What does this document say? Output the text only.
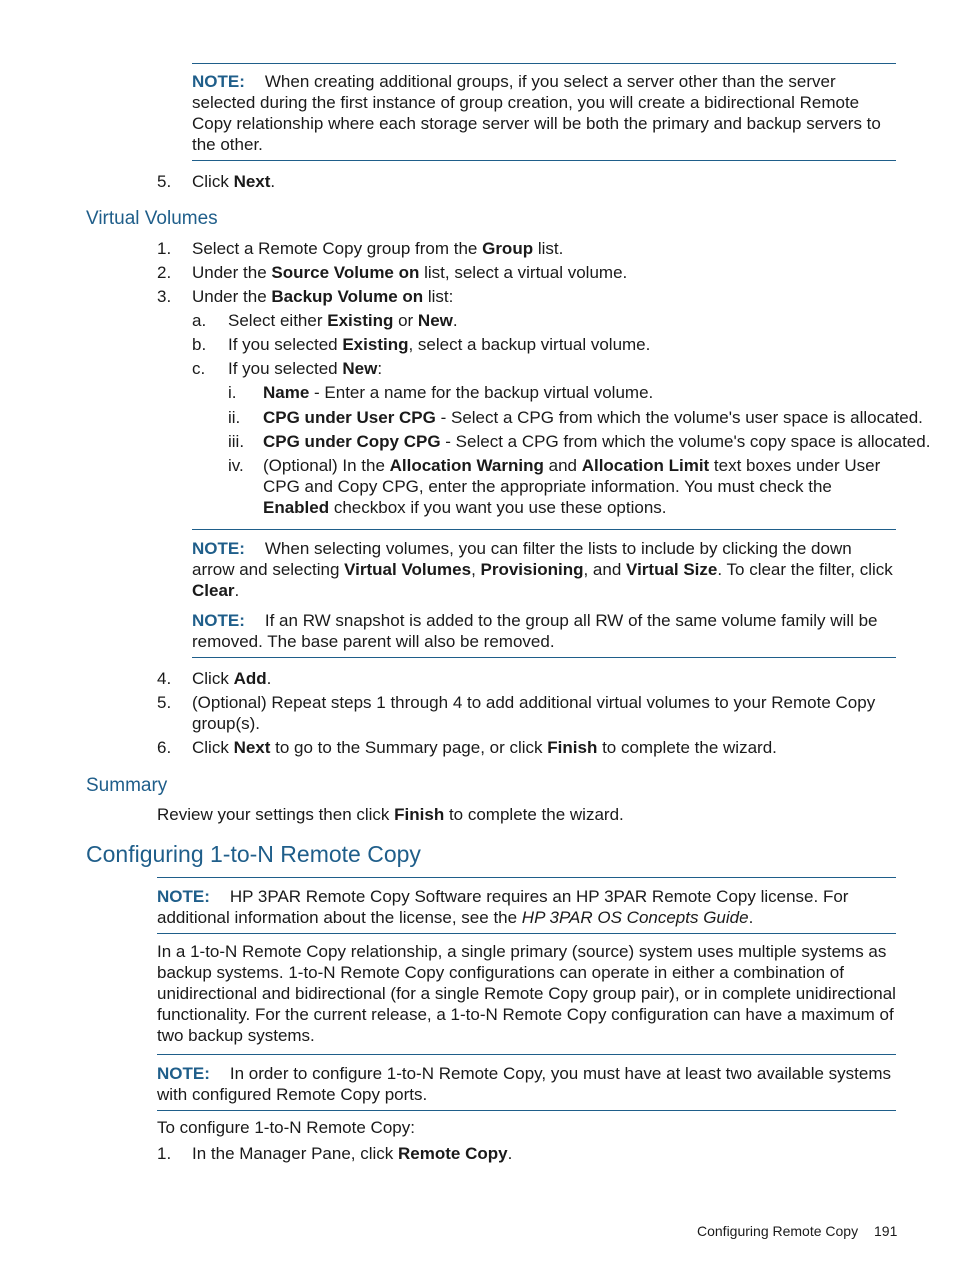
NOTE: When creating additional groups, if you select a server other than the server selected during the first instance of group creation, you will create a bidirectional Remote Copy relationship where each storage server will be both the primary and backup servers to the other.
5. Click Next.
Virtual Volumes
1. Select a Remote Copy group from the Group list.
2. Under the Source Volume on list, select a virtual volume.
3. Under the Backup Volume on list:
a. Select either Existing or New.
b. If you selected Existing, select a backup virtual volume.
c. If you selected New:
i. Name - Enter a name for the backup virtual volume.
ii. CPG under User CPG - Select a CPG from which the volume's user space is allocated.
iii. CPG under Copy CPG - Select a CPG from which the volume's copy space is allocated.
iv. (Optional) In the Allocation Warning and Allocation Limit text boxes under User CPG and Copy CPG, enter the appropriate information. You must check the Enabled checkbox if you want you use these options.
NOTE: When selecting volumes, you can filter the lists to include by clicking the down arrow and selecting Virtual Volumes, Provisioning, and Virtual Size. To clear the filter, click Clear.
NOTE: If an RW snapshot is added to the group all RW of the same volume family will be removed. The base parent will also be removed.
4. Click Add.
5. (Optional) Repeat steps 1 through 4 to add additional virtual volumes to your Remote Copy group(s).
6. Click Next to go to the Summary page, or click Finish to complete the wizard.
Summary
Review your settings then click Finish to complete the wizard.
Configuring 1-to-N Remote Copy
NOTE: HP 3PAR Remote Copy Software requires an HP 3PAR Remote Copy license. For additional information about the license, see the HP 3PAR OS Concepts Guide.
In a 1-to-N Remote Copy relationship, a single primary (source) system uses multiple systems as backup systems. 1-to-N Remote Copy configurations can operate in either a combination of unidirectional and bidirectional (for a single Remote Copy group pair), or in complete unidirectional functionality. For the current release, a 1-to-N Remote Copy configuration can have a maximum of two backup systems.
NOTE: In order to configure 1-to-N Remote Copy, you must have at least two available systems with configured Remote Copy ports.
To configure 1-to-N Remote Copy:
1. In the Manager Pane, click Remote Copy.
Configuring Remote Copy 191
